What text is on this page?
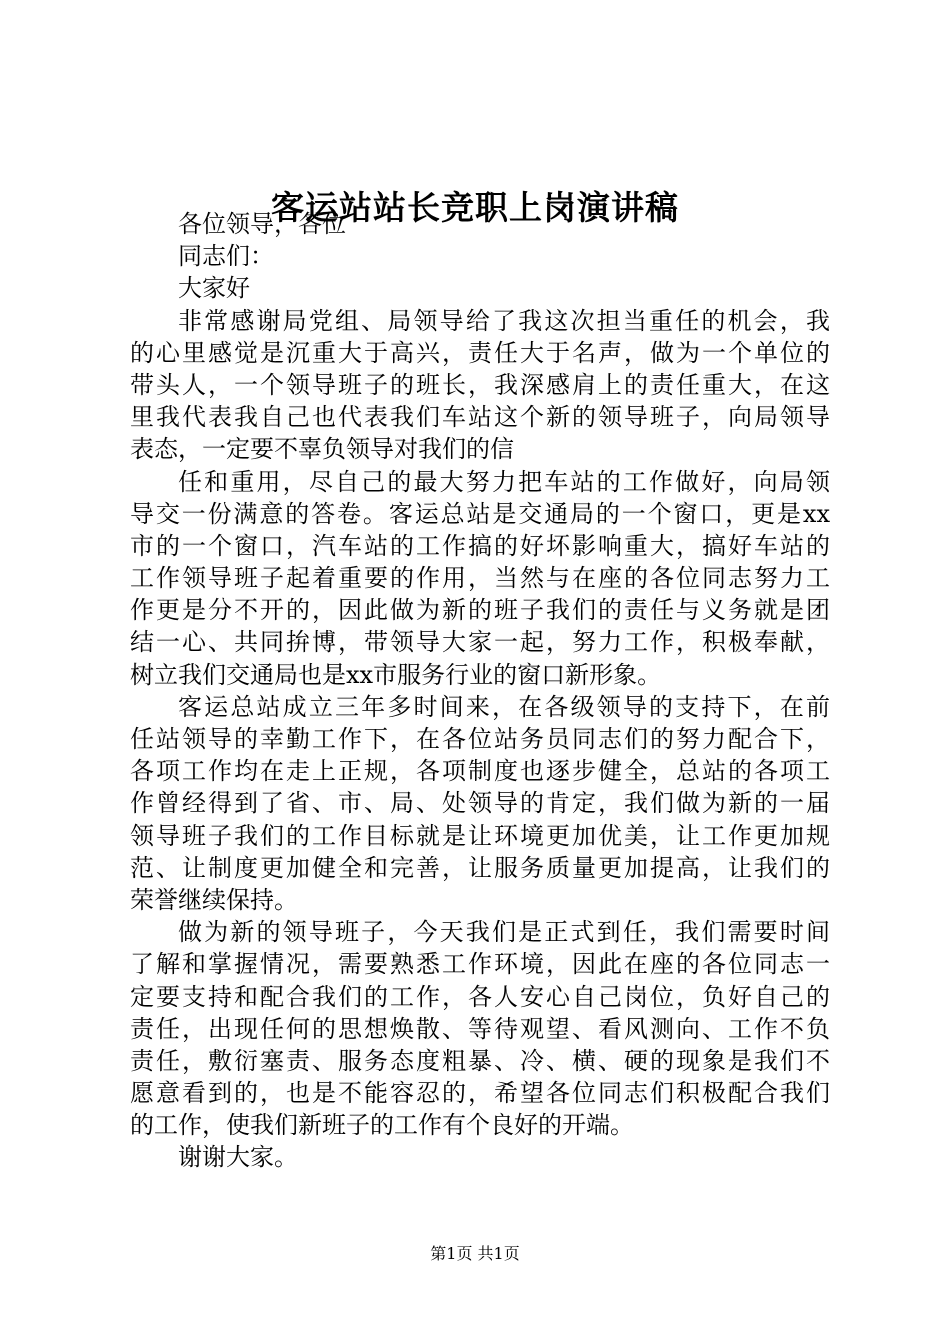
客运站站长竞职上岗演讲稿
各位领导，各位
同志们：
大家好
非常感谢局党组、局领导给了我这次担当重任的机会，我
的心里感觉是沉重大于高兴，责任大于名声，做为一个单位的
带头人，一个领导班子的班长，我深感肩上的责任重大，在这
里我代表我自己也代表我们车站这个新的领导班子，向局领导
表态，一定要不辜负领导对我们的信
任和重用，尽自己的最大努力把车站的工作做好，向局领
导交一份满意的答卷。客运总站是交通局的一个窗口，更是xx
市的一个窗口，汽车站的工作搞的好坏影响重大，搞好车站的
工作领导班子起着重要的作用，当然与在座的各位同志努力工
作更是分不开的，因此做为新的班子我们的责任与义务就是团
结一心、共同拚博，带领导大家一起，努力工作，积极奉献，
树立我们交通局也是xx市服务行业的窗口新形象。
客运总站成立三年多时间来，在各级领导的支持下，在前
任站领导的幸勤工作下，在各位站务员同志们的努力配合下，
各项工作均在走上正规，各项制度也逐步健全，总站的各项工
作曾经得到了省、市、局、处领导的肯定，我们做为新的一届
领导班子我们的工作目标就是让环境更加优美，让工作更加规
范、让制度更加健全和完善，让服务质量更加提高，让我们的
荣誉继续保持。
做为新的领导班子，今天我们是正式到任，我们需要时间
了解和掌握情况，需要熟悉工作环境，因此在座的各位同志一
定要支持和配合我们的工作，各人安心自己岗位，负好自己的
责任，出现任何的思想焕散、等待观望、看风测向、工作不负
责任，敷衍塞责、服务态度粗暴、冷、横、硬的现象是我们不
愿意看到的，也是不能容忍的，希望各位同志们积极配合我们
的工作，使我们新班子的工作有个良好的开端。
谢谢大家。
第1页 共1页
